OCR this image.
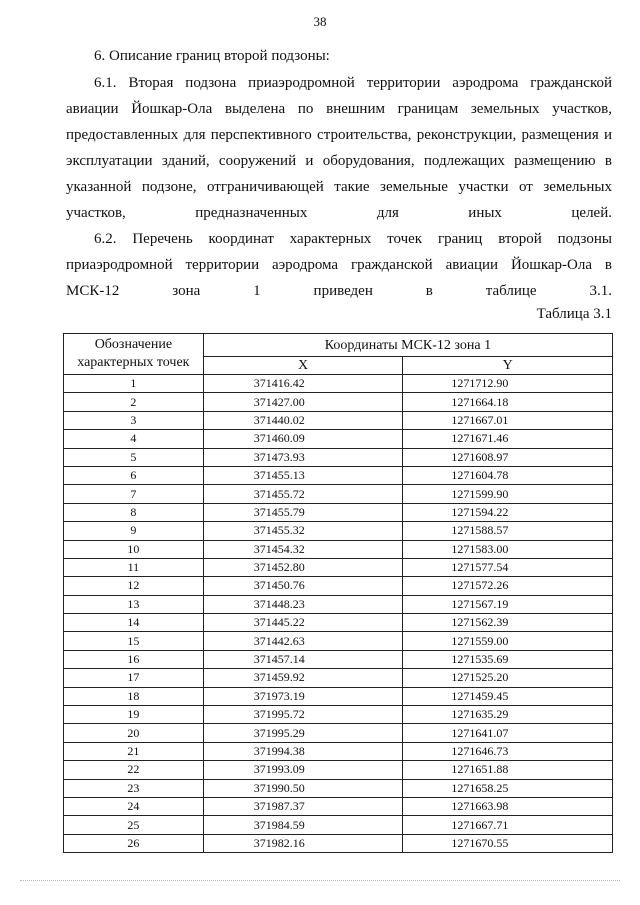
38

6. Описание границ второй подзоны:

6.1. Вторая подзона приаэродромной территории аэродрома гражданской авиации Йошкар-Ола выделена по внешним границам земельных участков, предоставленных для перспективного строительства, реконструкции, размещения и эксплуатации зданий, сооружений и оборудования, подлежащих размещению в указанной подзоне, отграничивающей такие земельные участки от земельных участков, предназначенных для иных целей.

6.2. Перечень координат характерных точек границ второй подзоны приаэродромной территории аэродрома гражданской авиации Йошкар-Ола в МСК-12 зона 1 приведен в таблице 3.1.

Таблица 3.1
Обозначение характерных точек	Координаты МСК-12 зона 1	
	X	Y
1	371416.42	1271712.90
2	371427.00	1271664.18
3	371440.02	1271667.01
4	371460.09	1271671.46
5	371473.93	1271608.97
6	371455.13	1271604.78
7	371455.72	1271599.90
8	371455.79	1271594.22
9	371455.32	1271588.57
10	371454.32	1271583.00
11	371452.80	1271577.54
12	371450.76	1271572.26
13	371448.23	1271567.19
14	371445.22	1271562.39
15	371442.63	1271559.00
16	371457.14	1271535.69
17	371459.92	1271525.20
18	371973.19	1271459.45
19	371995.72	1271635.29
20	371995.29	1271641.07
21	371994.38	1271646.73
22	371993.09	1271651.88
23	371990.50	1271658.25
24	371987.37	1271663.98
25	371984.59	1271667.71
26	371982.16	1271670.55
